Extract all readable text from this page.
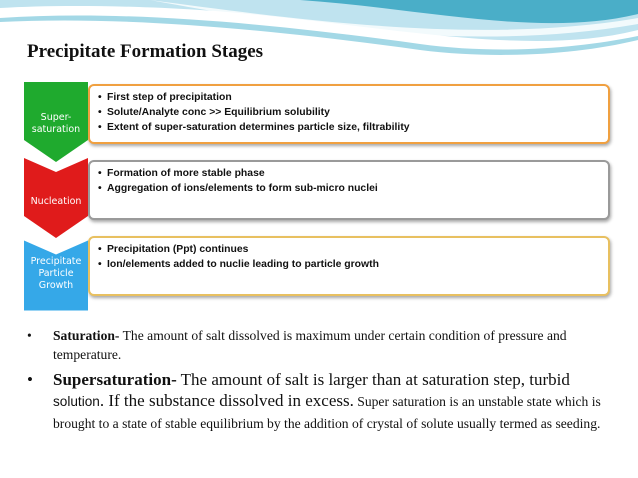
Precipitate Formation Stages
• First step of precipitation
• Solute/Analyte conc >> Equilibrium solubility
• Extent of super-saturation determines particle size, filtrability
Super-
saturation
• Formation of more stable phase
• Aggregation of ions/elements to form sub-micro nuclei
Nucleation
• Precipitation (Ppt) continues
• Ion/elements added to nuclie leading to particle growth
Precipitate
Particle
Growth
• Saturation- The amount of salt dissolved is maximum under certain condition of pressure and temperature.
• Supersaturation- The amount of salt is larger than at saturation step, turbid solution. If the substance dissolved in excess. Super saturation is an unstable state which is brought to a state of stable equilibrium by the addition of crystal of solute usually termed as seeding.
